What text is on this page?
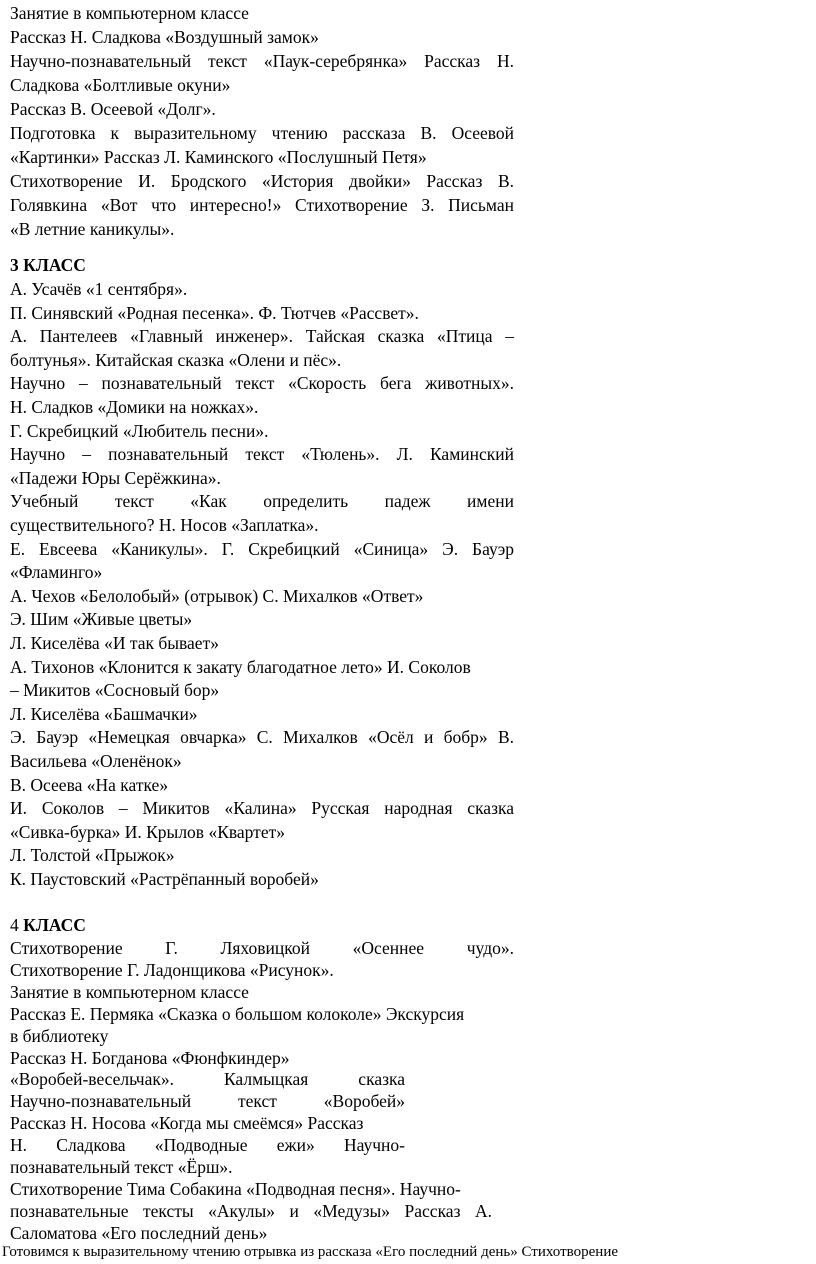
Занятие в компьютерном классе

Рассказ Н. Сладкова «Воздушный замок»

Научно-познавательный текст «Паук-серебрянка» Рассказ Н.

Сладкова «Болтливые окуни»

Рассказ В. Осеевой «Долг».

Подготовка к выразительному чтению рассказа В. Осеевой

«Картинки» Рассказ Л. Каминского «Послушный Петя»

Стихотворение И. Бродского «История двойки» Рассказ В.

Голявкина «Вот что интересно!» Стихотворение З. Письман

«В летние каникулы».

3 КЛАСС

А. Усачёв «1 сентября».

П. Синявский «Родная песенка». Ф. Тютчев «Рассвет».

А. Пантелеев «Главный инженер». Тайская сказка «Птица –

болтунья». Китайская сказка «Олени и пёс».

Научно – познавательный текст «Скорость бега животных».

Н. Сладков «Домики на ножках».

Г. Скребицкий «Любитель песни».

Научно – познавательный текст «Тюлень». Л. Каминский

«Падежи Юры Серёжкина».

Учебный текст «Как определить падеж имени

существительного? Н. Носов «Заплатка».

Е. Евсеева «Каникулы». Г. Скребицкий «Синица» Э. Бауэр

«Фламинго»

А. Чехов «Белолобый» (отрывок) С. Михалков «Ответ»

Э. Шим «Живые цветы»

Л. Киселёва «И так бывает»

А. Тихонов «Клонится к закату благодатное лето» И. Соколов

– Микитов «Сосновый бор»

Л. Киселёва «Башмачки»

Э. Бауэр «Немецкая овчарка» С. Михалков «Осёл и бобр» В.

Васильева «Оленёнок»

В. Осеева «На катке»

И. Соколов – Микитов «Калина» Русская народная сказка

«Сивка-бурка» И. Крылов «Квартет»

Л. Толстой «Прыжок»

К. Паустовский «Растрёпанный воробей»

4 КЛАСС

Стихотворение Г. Ляховицкой «Осеннее чудо».

Стихотворение Г. Ладонщикова «Рисунок».

Занятие в компьютерном классе

Рассказ Е. Пермяка «Сказка о большом колоколе» Экскурсия

в библиотеку

Рассказ Н. Богданова «Фюнфкиндер»

«Воробей-весельчак». Калмыцкая сказка

Научно-познавательный текст «Воробей»

Рассказ Н. Носова «Когда мы смеёмся» Рассказ

Н. Сладкова «Подводные ежи» Научно-

познавательный текст «Ёрш».

Стихотворение Тима Собакина «Подводная песня». Научно-

познавательные тексты «Акулы» и «Медузы» Рассказ А.

Саломатова «Его последний день»

Готовимся к выразительному чтению отрывка из рассказа «Его последний день» Стихотворение
